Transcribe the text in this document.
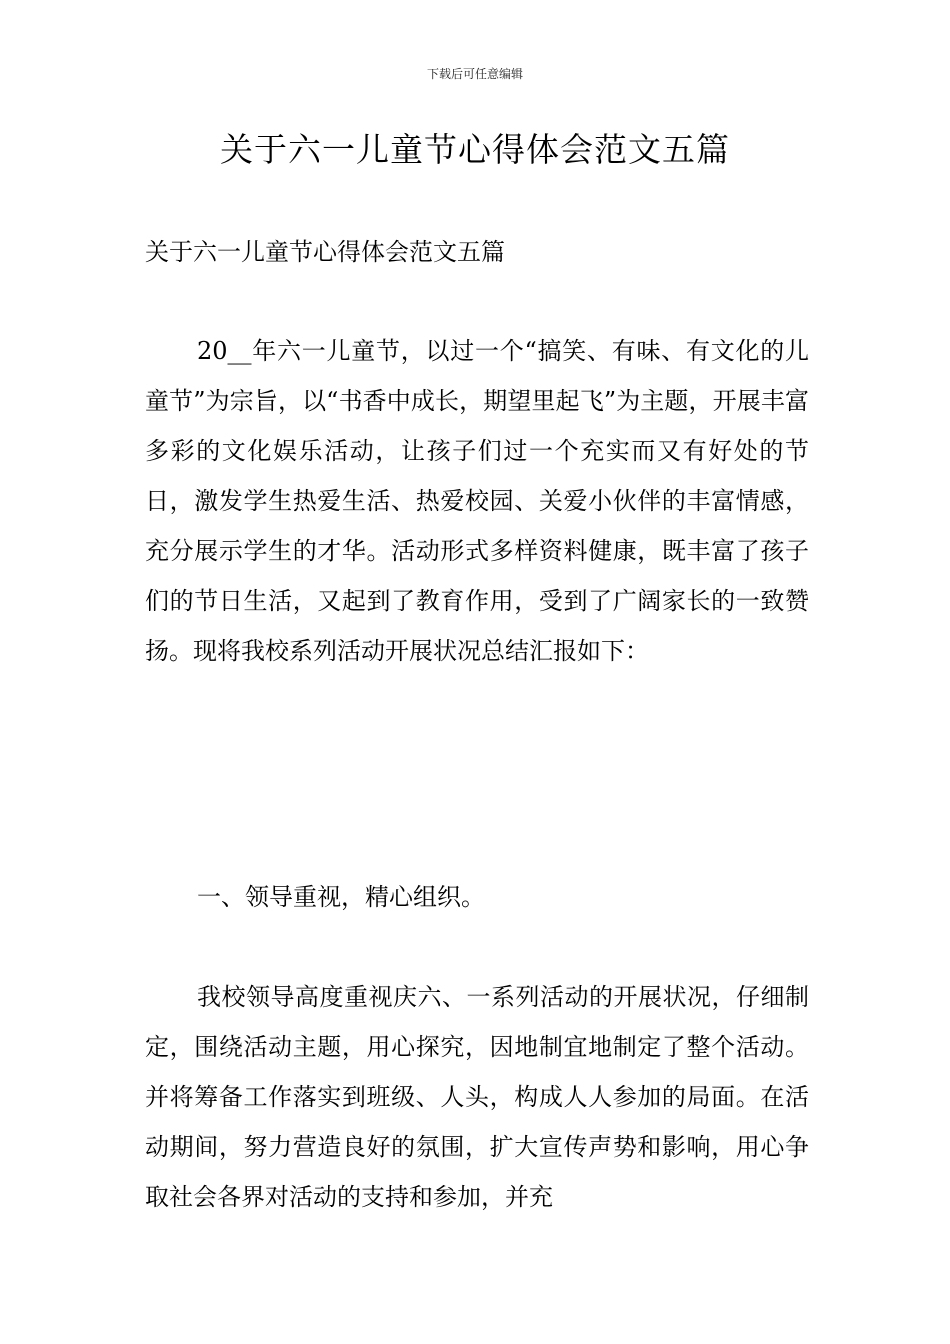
下载后可任意编辑
关于六一儿童节心得体会范文五篇

关于六一儿童节心得体会范文五篇

20__年六一儿童节，以过一个“搞笑、有味、有文化的儿童节”为宗旨，以“书香中成长，期望里起飞”为主题，开展丰富多彩的文化娱乐活动，让孩子们过一个充实而又有好处的节日，激发学生热爱生活、热爱校园、关爱小伙伴的丰富情感，充分展示学生的才华。活动形式多样资料健康，既丰富了孩子们的节日生活，又起到了教育作用，受到了广阔家长的一致赞扬。现将我校系列活动开展状况总结汇报如下：

一、领导重视，精心组织。

我校领导高度重视庆六、一系列活动的开展状况，仔细制定，围绕活动主题，用心探究，因地制宜地制定了整个活动。并将筹备工作落实到班级、人头，构成人人参加的局面。在活动期间，努力营造良好的氛围，扩大宣传声势和影响，用心争取社会各界对活动的支持和参加，并充
